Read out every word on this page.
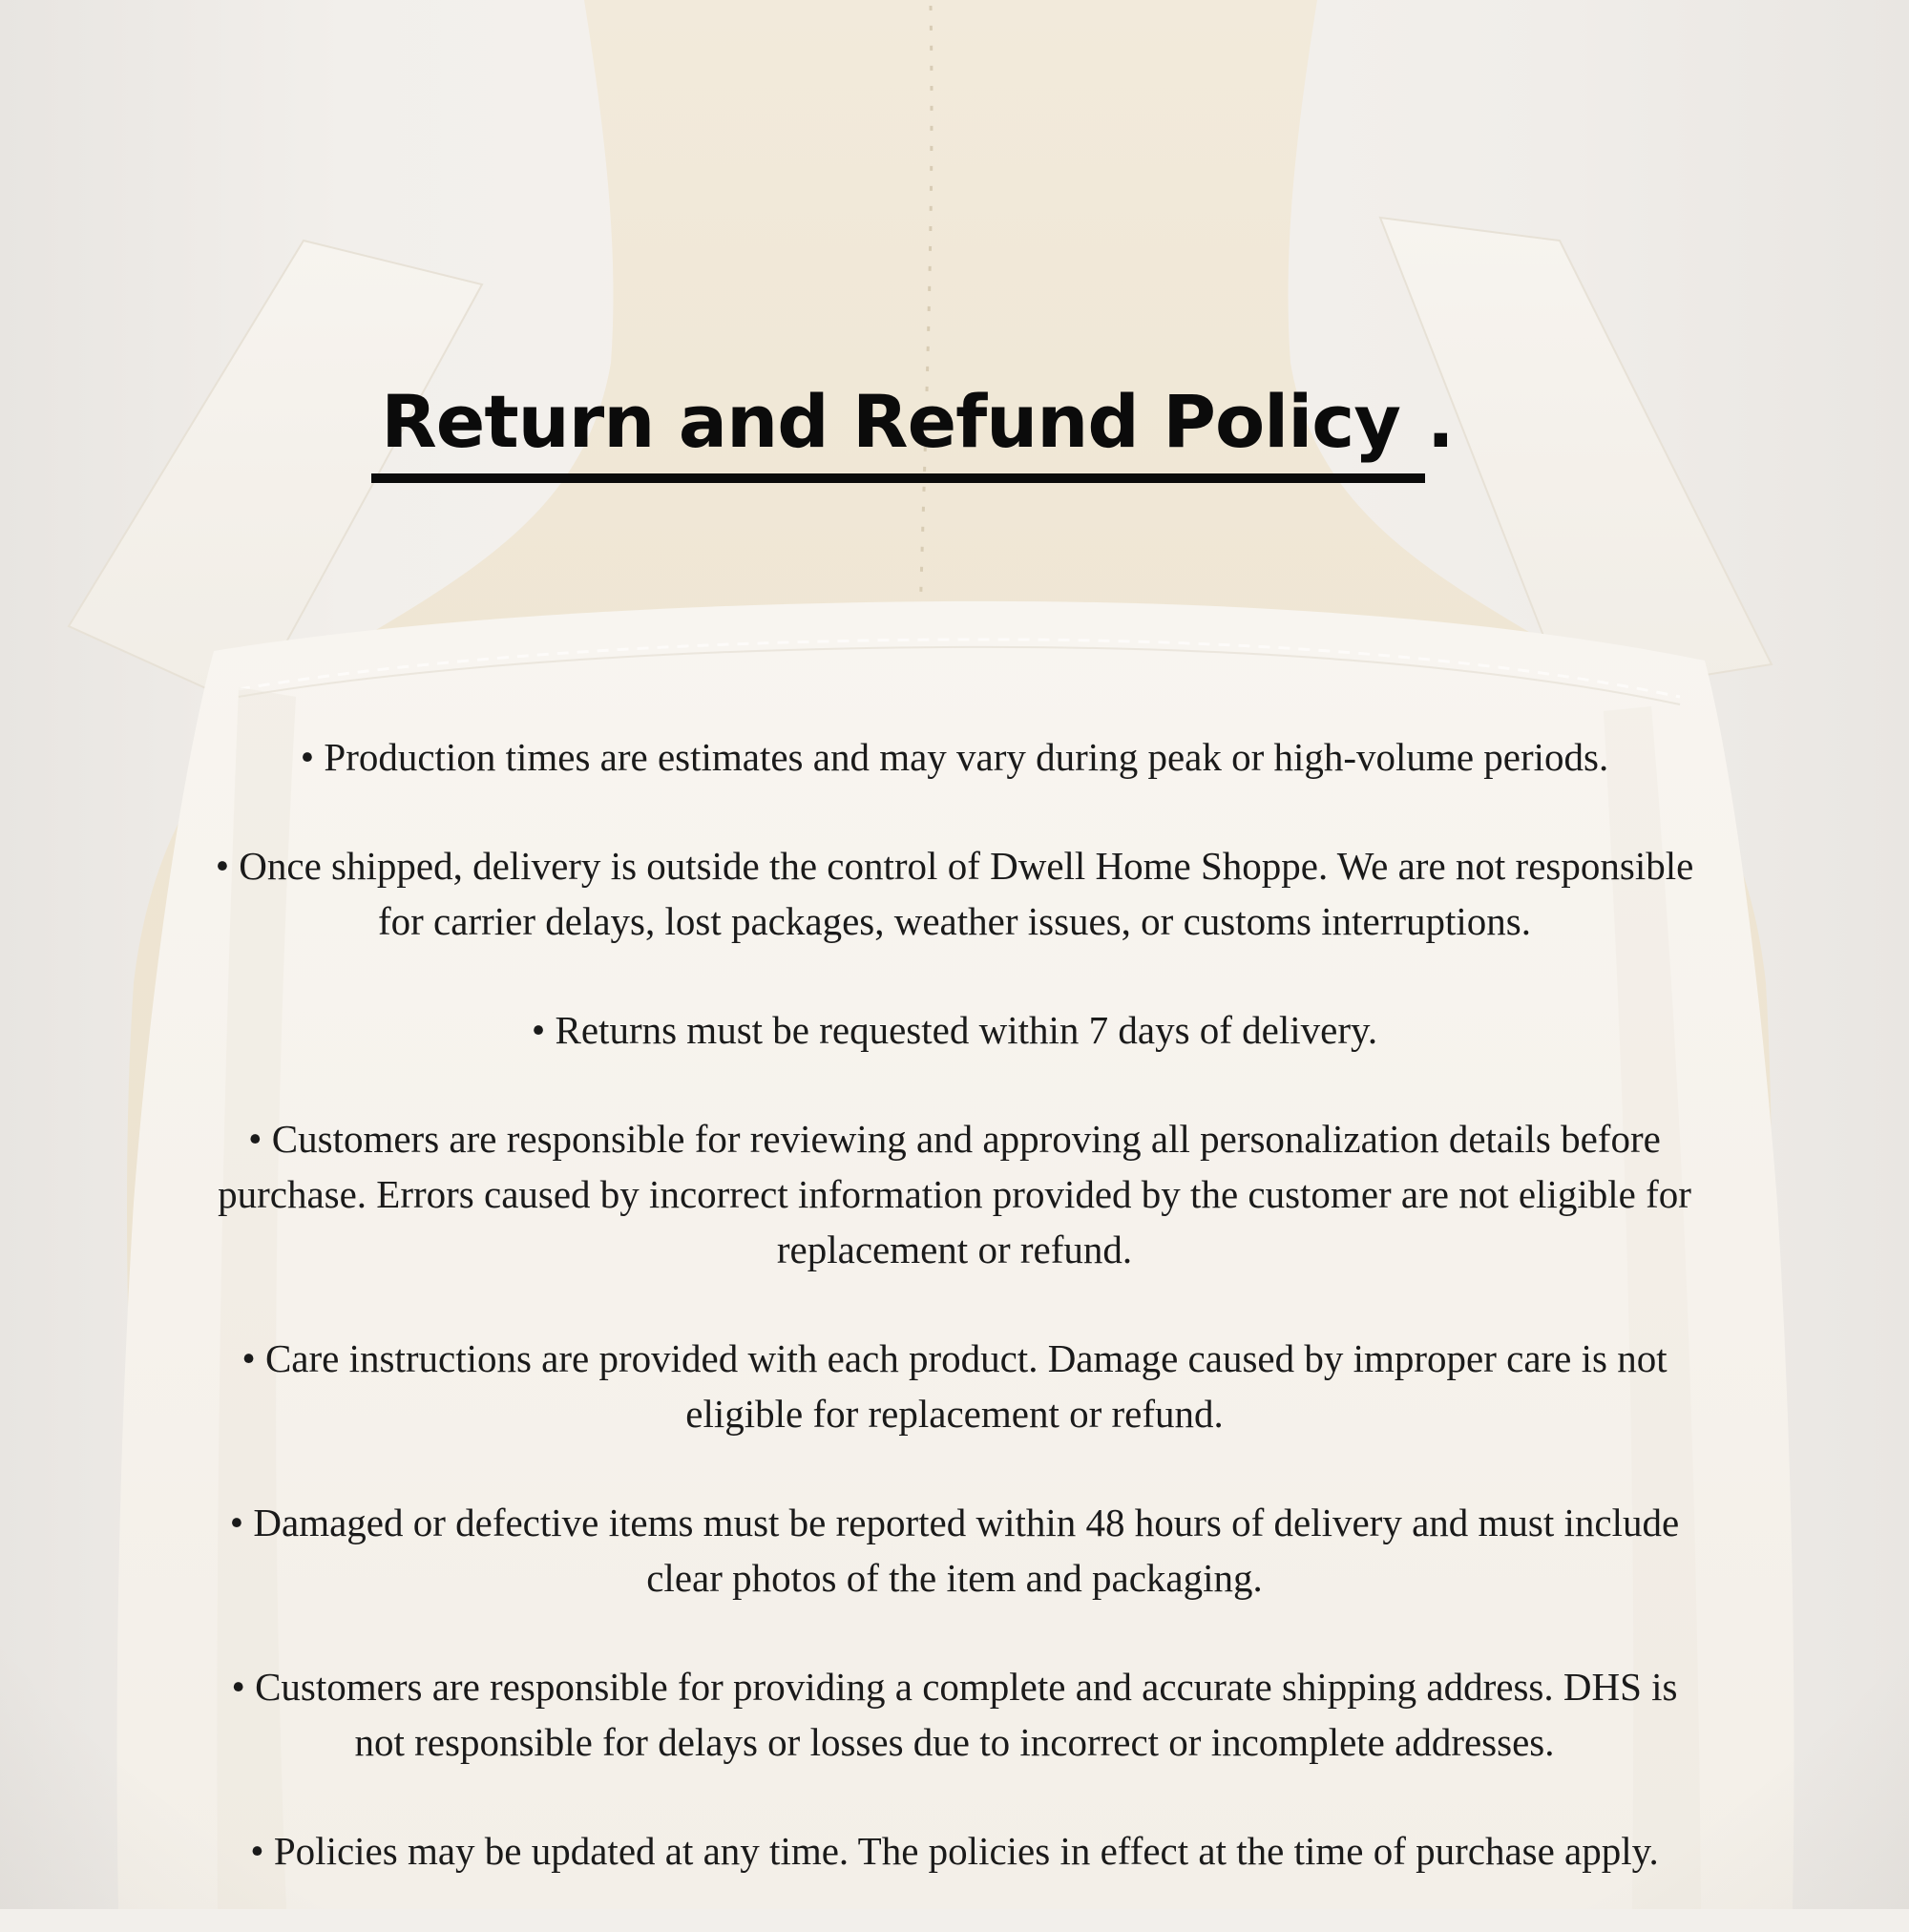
Return and Refund Policy .

• Production times are estimates and may vary during peak or high-volume periods.

• Once shipped, delivery is outside the control of Dwell Home Shoppe. We are not responsible
for carrier delays, lost packages, weather issues, or customs interruptions.

• Returns must be requested within 7 days of delivery.

• Customers are responsible for reviewing and approving all personalization details before
purchase. Errors caused by incorrect information provided by the customer are not eligible for
replacement or refund.

• Care instructions are provided with each product. Damage caused by improper care is not
eligible for replacement or refund.

• Damaged or defective items must be reported within 48 hours of delivery and must include
clear photos of the item and packaging.

• Customers are responsible for providing a complete and accurate shipping address. DHS is
not responsible for delays or losses due to incorrect or incomplete addresses.

• Policies may be updated at any time. The policies in effect at the time of purchase apply.
